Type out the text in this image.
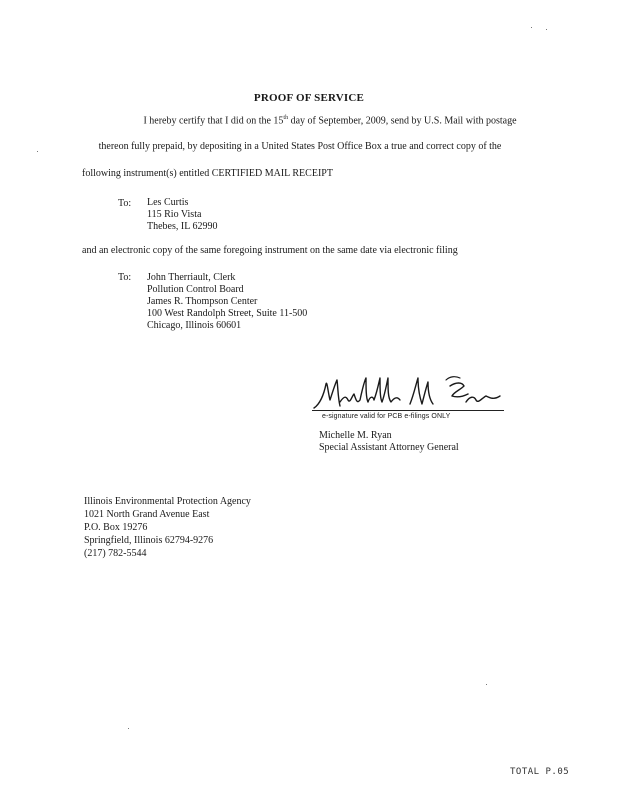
PROOF OF SERVICE
I hereby certify that I did on the 15th day of September, 2009, send by U.S. Mail with postage
thereon fully prepaid, by depositing in a United States Post Office Box a true and correct copy of the
following instrument(s) entitled CERTIFIED MAIL RECEIPT
To: Les Curtis
115 Rio Vista
Thebes, IL 62990
and an electronic copy of the same foregoing instrument on the same date via electronic filing
To: John Therriault, Clerk
Pollution Control Board
James R. Thompson Center
100 West Randolph Street, Suite 11-500
Chicago, Illinois 60601
e-signature valid for PCB e-filings ONLY
Michelle M. Ryan
Special Assistant Attorney General
Illinois Environmental Protection Agency
1021 North Grand Avenue East
P.O. Box 19276
Springfield, Illinois 62794-9276
(217) 782-5544
TOTAL P.05
